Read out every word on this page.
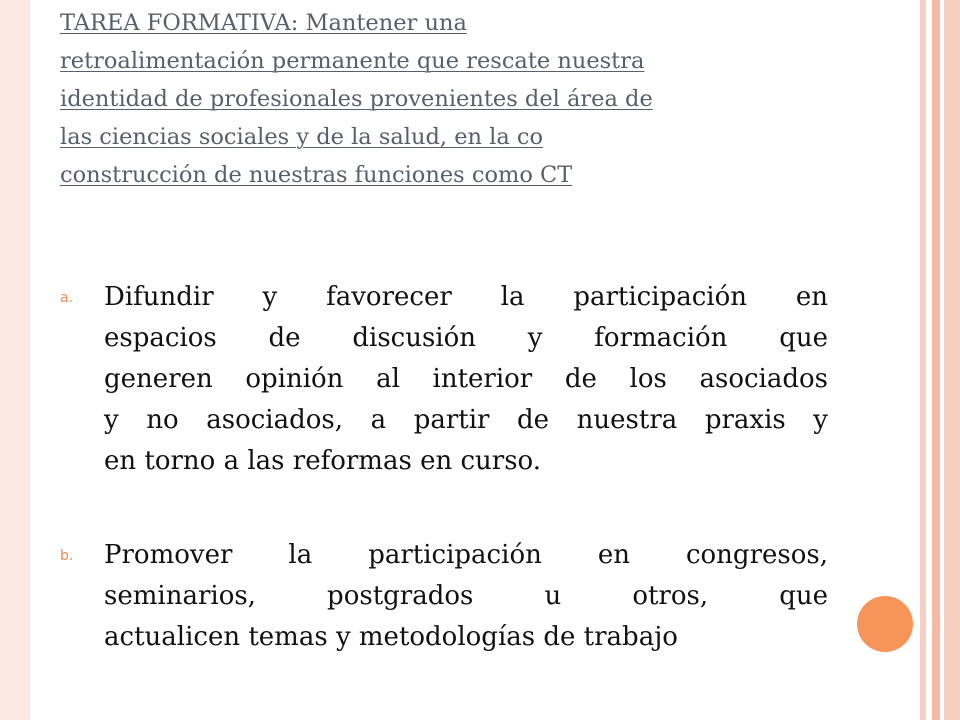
TAREA FORMATIVA: Mantener una
retroalimentación permanente que rescate nuestra
identidad de profesionales provenientes del área de
las ciencias sociales y de la salud, en la co
construcción de nuestras funciones como CT
a. Difundir y favorecer la participación en
espacios de discusión y formación que
generen opinión al interior de los asociados
y no asociados, a partir de nuestra praxis y
en torno a las reformas en curso.
b. Promover la participación en congresos,
seminarios, postgrados u otros, que
actualicen temas y metodologías de trabajo
